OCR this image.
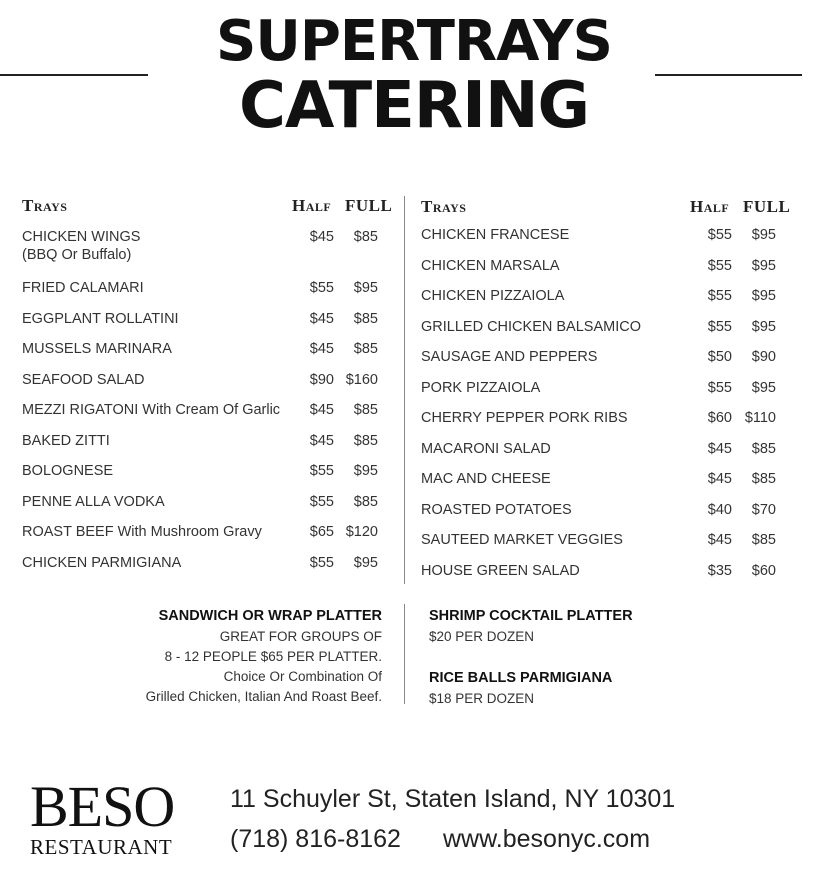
SUPERTRAYS
CATERING
Trays	Half FULL Trays	Half FULL
CHICKEN WINGS
(BBQ Or Buffalo)
$45	$85
FRIED CALAMARI	$55	$95
EGGPLANT ROLLATINI	$45	$85
MUSSELS MARINARA	$45	$85
SEAFOOD SALAD	$90 $160
MEZZI RIGATONI With Cream Of Garlic	$45	$85
BAKED ZITTI	$45	$85
BOLOGNESE	$55	$95
PENNE ALLA VODKA	$55	$85
ROAST BEEF With Mushroom Gravy	$65 $120
CHICKEN PARMIGIANA	$55	$95
CHICKEN FRANCESE	$55	$95
CHICKEN MARSALA	$55	$95
CHICKEN PIZZAIOLA	$55	$95
GRILLED CHICKEN BALSAMICO	$55	$95
SAUSAGE AND PEPPERS	$50	$90
PORK PIZZAIOLA	$55	$95
CHERRY PEPPER PORK RIBS	$60 $110
MACARONI SALAD	$45	$85
MAC AND CHEESE	$45	$85
ROASTED POTATOES	$40	$70
SAUTEED MARKET VEGGIES	$45	$85
HOUSE GREEN SALAD	$35	$60
SANDWICH OR WRAP PLATTER
GREAT FOR GROUPS OF
8 - 12 PEOPLE $65 PER PLATTER.
Choice Or Combination Of
Grilled Chicken, Italian And Roast Beef.
SHRIMP COCKTAIL PLATTER
$20 PER DOZEN
RICE BALLS PARMIGIANA
$18 PER DOZEN
BESO
RESTAURANT
11 Schuyler St, Staten Island, NY 10301
(718) 816-8162 www.besonyc.com
